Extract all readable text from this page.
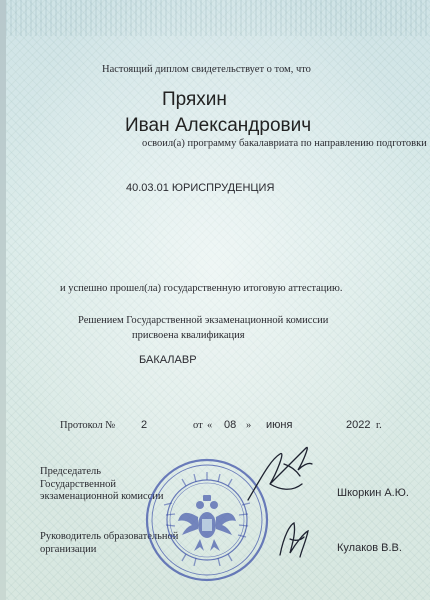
Настоящий диплом свидетельствует о том, что
Пряхин
Иван Александрович
освоил(а) программу бакалавриата по направлению подготовки
40.03.01 ЮРИСПРУДЕНЦИЯ
и успешно прошел(ла) государственную итоговую аттестацию.
Решением Государственной экзаменационной комиссии
присвоена квалификация
БАКАЛАВР
Протокол № 2	от « 08 » июня	2022 г.
Председатель
Государственной
экзаменационной комиссии	Шкоркин А.Ю.
Руководитель образовательной
организации	Кулаков В.В.
